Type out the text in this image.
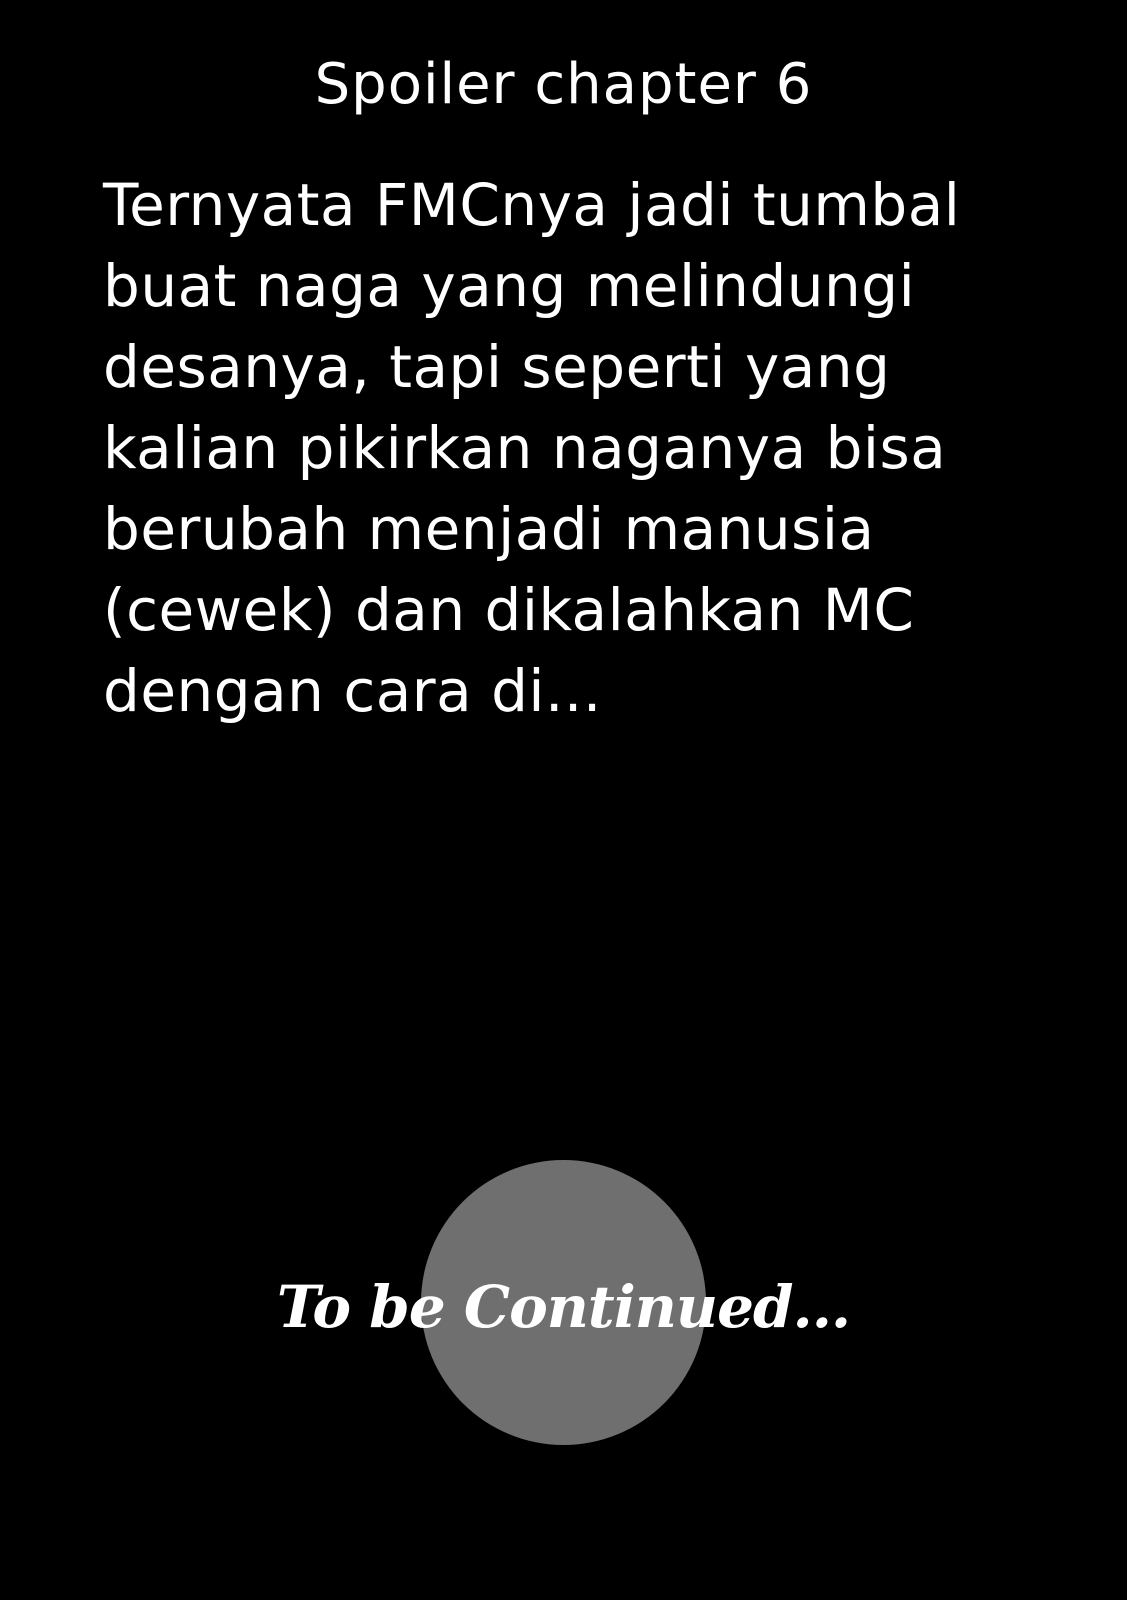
Spoiler chapter 6
Ternyata FMCnya jadi tumbal
buat naga yang melindungi
desanya, tapi seperti yang
kalian pikirkan naganya bisa
berubah menjadi manusia
(cewek) dan dikalahkan MC
dengan cara di...
To be Continued...
